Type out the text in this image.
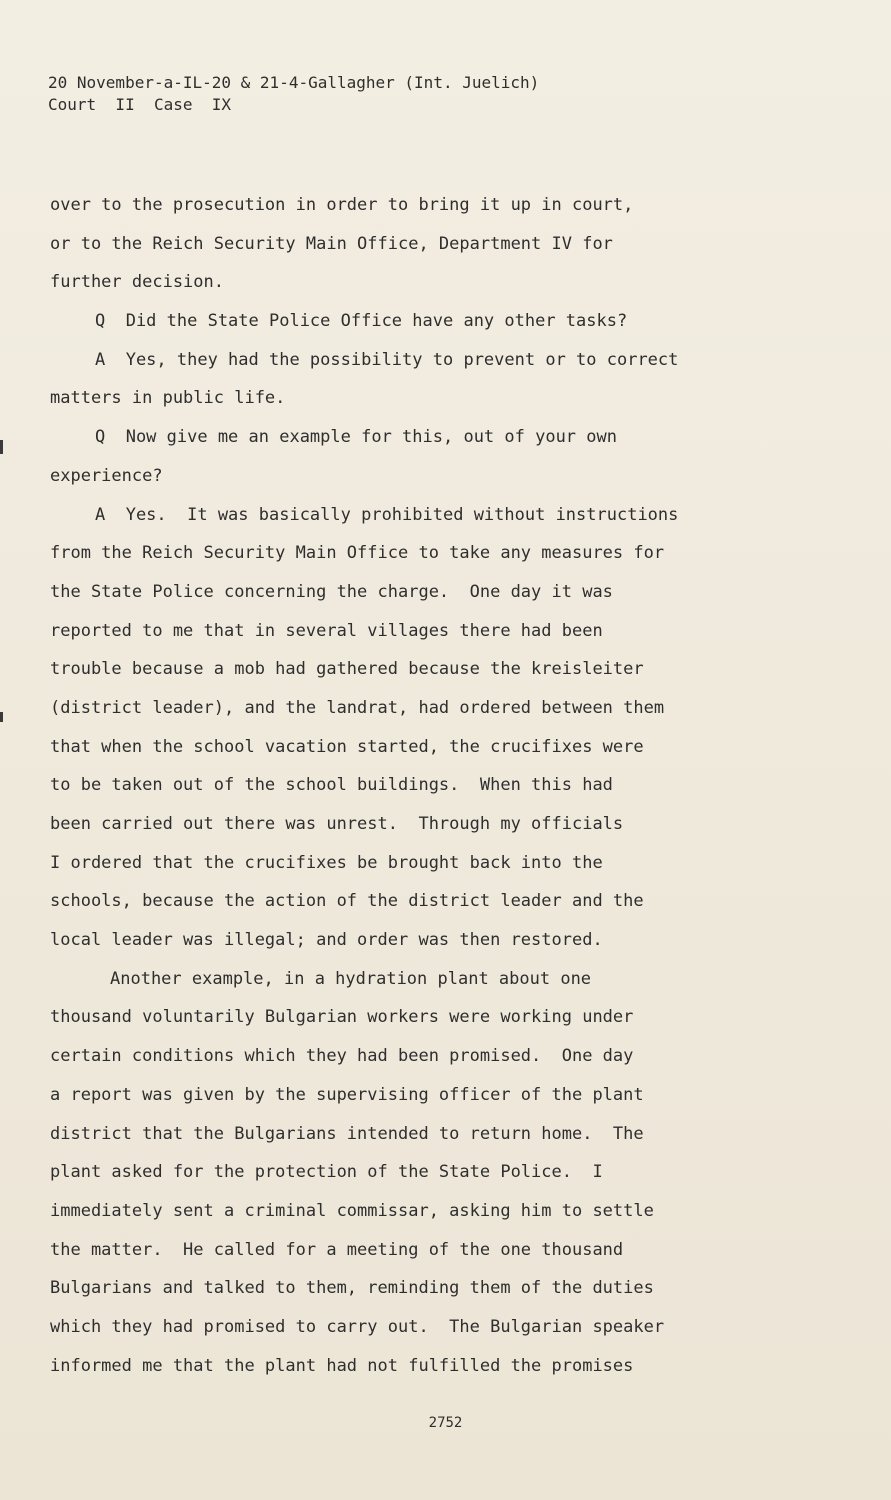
20 November-a-IL-20 & 21-4-Gallagher (Int. Juelich)
Court  II  Case  IX
over to the prosecution in order to bring it up in court,
or to the Reich Security Main Office, Department IV for
further decision.
Q  Did the State Police Office have any other tasks?
A  Yes, they had the possibility to prevent or to correct
matters in public life.
Q  Now give me an example for this, out of your own
experience?
A  Yes.  It was basically prohibited without instructions
from the Reich Security Main Office to take any measures for
the State Police concerning the charge.  One day it was
reported to me that in several villages there had been
trouble because a mob had gathered because the kreisleiter
(district leader), and the landrat, had ordered between them
that when the school vacation started, the crucifixes were
to be taken out of the school buildings.  When this had
been carried out there was unrest.  Through my officials
I ordered that the crucifixes be brought back into the
schools, because the action of the district leader and the
local leader was illegal; and order was then restored.
Another example, in a hydration plant about one
thousand voluntarily Bulgarian workers were working under
certain conditions which they had been promised.  One day
a report was given by the supervising officer of the plant
district that the Bulgarians intended to return home.  The
plant asked for the protection of the State Police.  I
immediately sent a criminal commissar, asking him to settle
the matter.  He called for a meeting of the one thousand
Bulgarians and talked to them, reminding them of the duties
which they had promised to carry out.  The Bulgarian speaker
informed me that the plant had not fulfilled the promises
2752
